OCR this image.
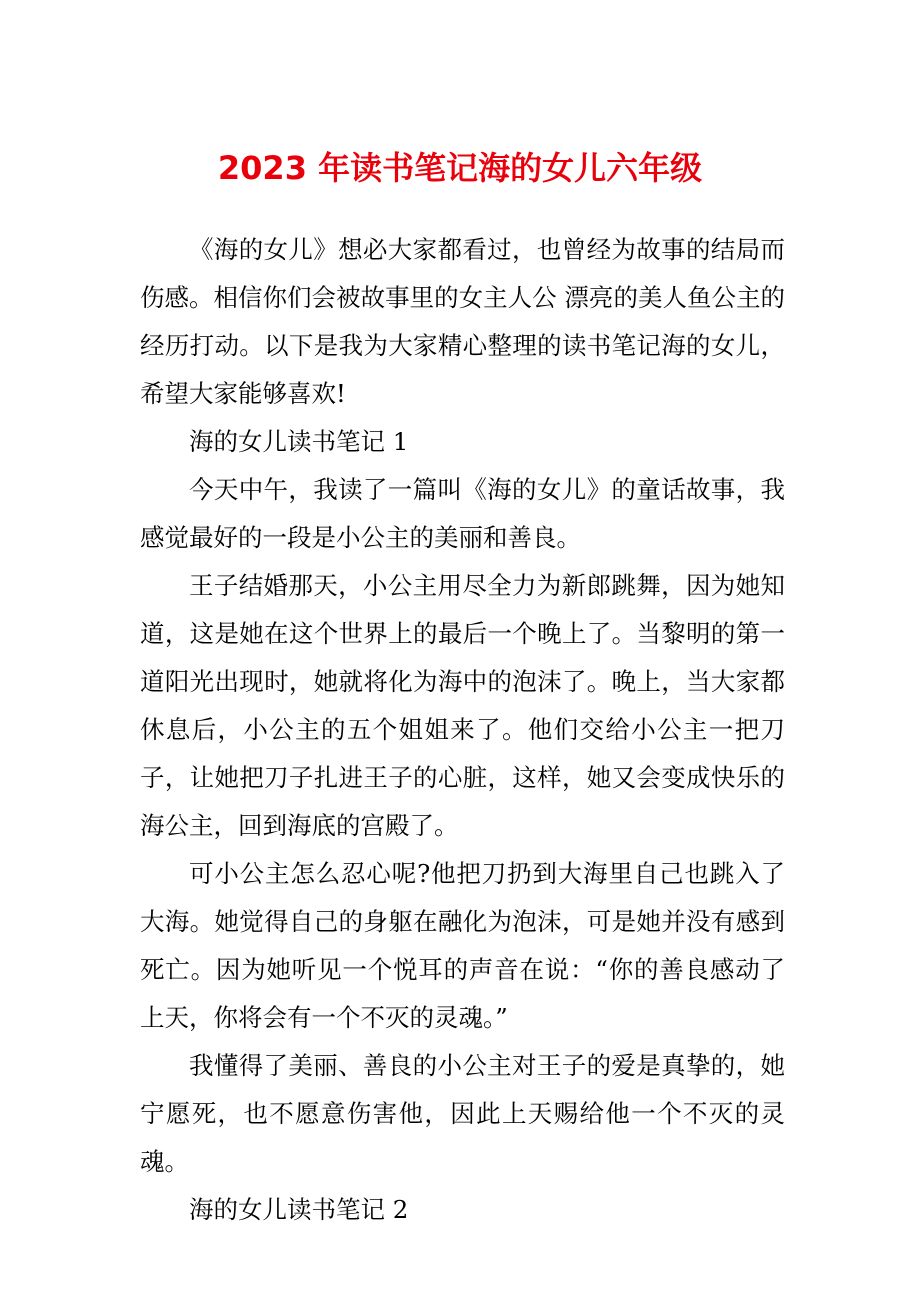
2023 年读书笔记海的女儿六年级

《海的女儿》想必大家都看过，也曾经为故事的结局而伤感。相信你们会被故事里的女主人公 漂亮的美人鱼公主的经历打动。以下是我为大家精心整理的读书笔记海的女儿，希望大家能够喜欢!

海的女儿读书笔记 1

今天中午，我读了一篇叫《海的女儿》的童话故事，我感觉最好的一段是小公主的美丽和善良。

王子结婚那天，小公主用尽全力为新郎跳舞，因为她知道，这是她在这个世界上的最后一个晚上了。当黎明的第一道阳光出现时，她就将化为海中的泡沫了。晚上，当大家都休息后，小公主的五个姐姐来了。他们交给小公主一把刀子，让她把刀子扎进王子的心脏，这样，她又会变成快乐的海公主，回到海底的宫殿了。

可小公主怎么忍心呢?他把刀扔到大海里自己也跳入了大海。她觉得自己的身躯在融化为泡沫，可是她并没有感到死亡。因为她听见一个悦耳的声音在说：“你的善良感动了上天，你将会有一个不灭的灵魂。”

我懂得了美丽、善良的小公主对王子的爱是真挚的，她宁愿死，也不愿意伤害他，因此上天赐给他一个不灭的灵魂。

海的女儿读书笔记 2
